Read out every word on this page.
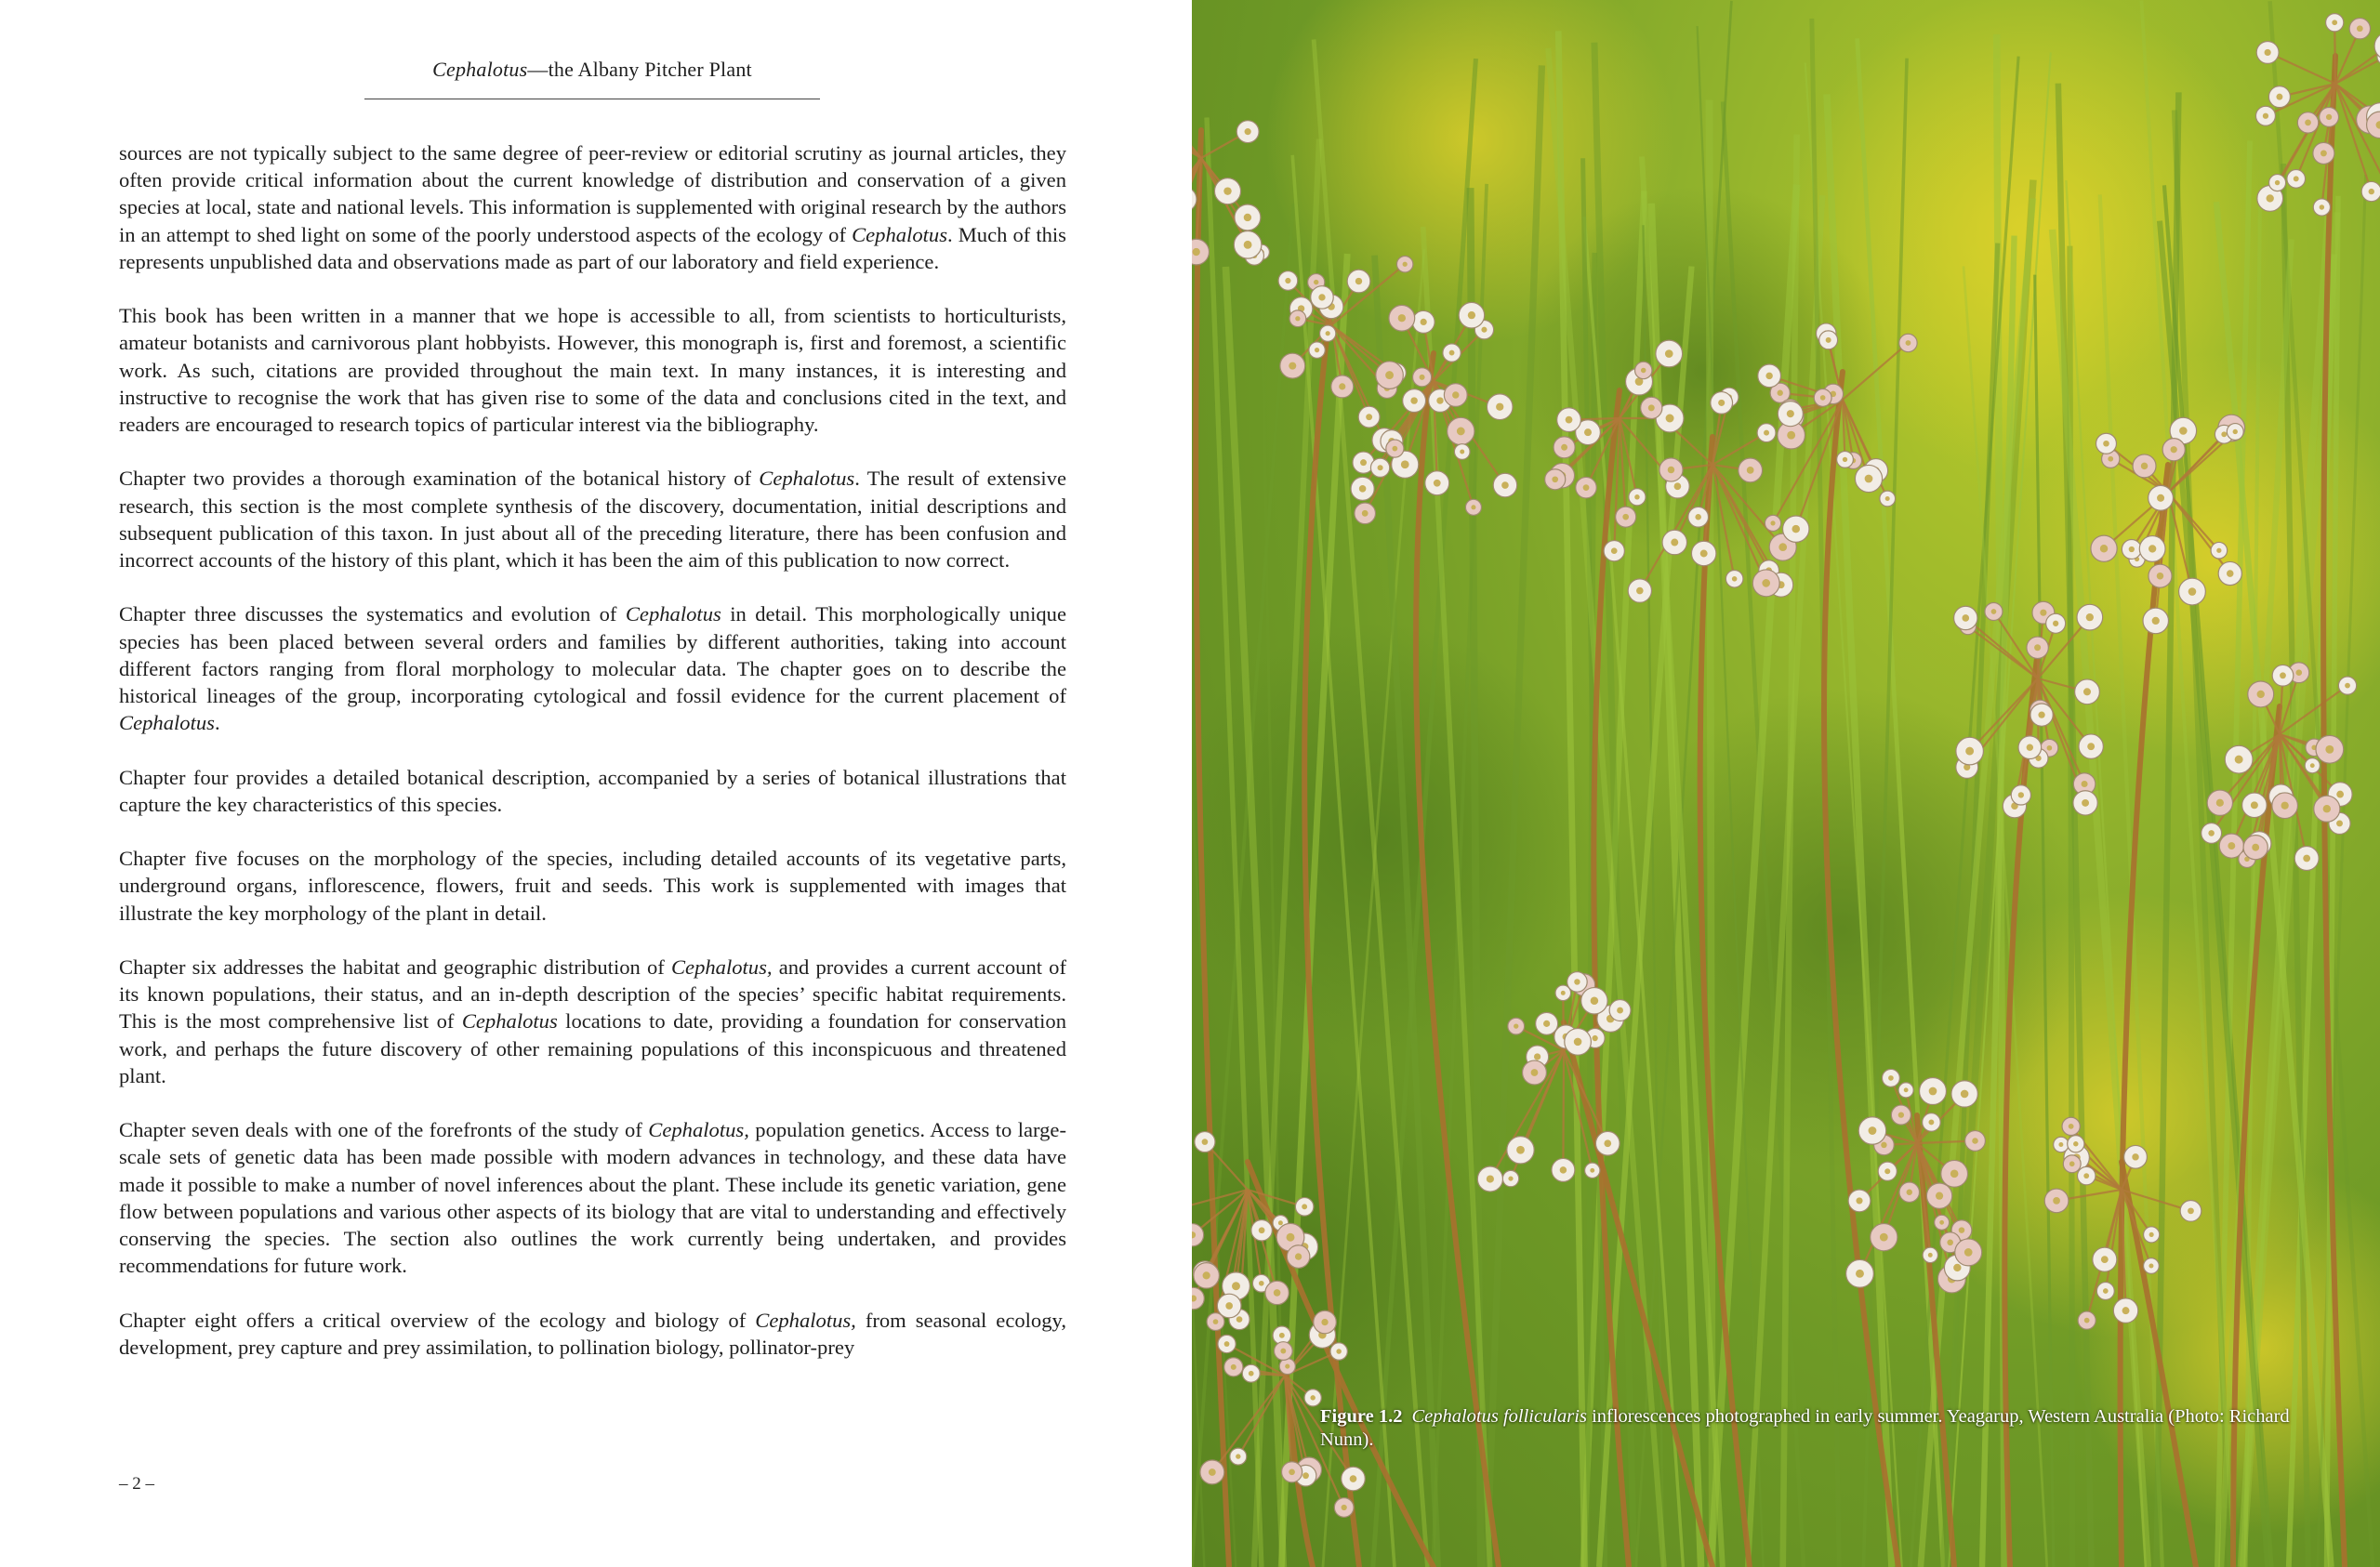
Cephalotus—the Albany Pitcher Plant

sources are not typically subject to the same degree of peer-review or editorial scrutiny as journal articles, they often provide critical information about the current knowledge of distribution and conservation of a given species at local, state and national levels. This information is supplemented with original research by the authors in an attempt to shed light on some of the poorly understood aspects of the ecology of Cephalotus. Much of this represents unpublished data and observations made as part of our laboratory and field experience.

This book has been written in a manner that we hope is accessible to all, from scientists to horticulturists, amateur botanists and carnivorous plant hobbyists. However, this monograph is, first and foremost, a scientific work. As such, citations are provided throughout the main text. In many instances, it is interesting and instructive to recognise the work that has given rise to some of the data and conclusions cited in the text, and readers are encouraged to research topics of particular interest via the bibliography.

Chapter two provides a thorough examination of the botanical history of Cephalotus. The result of extensive research, this section is the most complete synthesis of the discovery, documentation, initial descriptions and subsequent publication of this taxon. In just about all of the preceding literature, there has been confusion and incorrect accounts of the history of this plant, which it has been the aim of this publication to now correct.

Chapter three discusses the systematics and evolution of Cephalotus in detail. This morphologically unique species has been placed between several orders and families by different authorities, taking into account different factors ranging from floral morphology to molecular data. The chapter goes on to describe the historical lineages of the group, incorporating cytological and fossil evidence for the current placement of Cephalotus.

Chapter four provides a detailed botanical description, accompanied by a series of botanical illustrations that capture the key characteristics of this species.

Chapter five focuses on the morphology of the species, including detailed accounts of its vegetative parts, underground organs, inflorescence, flowers, fruit and seeds. This work is supplemented with images that illustrate the key morphology of the plant in detail.

Chapter six addresses the habitat and geographic distribution of Cephalotus, and provides a current account of its known populations, their status, and an in-depth description of the species’ specific habitat requirements. This is the most comprehensive list of Cephalotus locations to date, providing a foundation for conservation work, and perhaps the future discovery of other remaining populations of this inconspicuous and threatened plant.

Chapter seven deals with one of the forefronts of the study of Cephalotus, population genetics. Access to large-scale sets of genetic data has been made possible with modern advances in technology, and these data have made it possible to make a number of novel inferences about the plant. These include its genetic variation, gene flow between populations and various other aspects of its biology that are vital to understanding and effectively conserving the species. The section also outlines the work currently being undertaken, and provides recommendations for future work.

Chapter eight offers a critical overview of the ecology and biology of Cephalotus, from seasonal ecology, development, prey capture and prey assimilation, to pollination biology, pollinator-prey

– 2 –
Figure 1.2 Cephalotus follicularis inflorescences photographed in early summer. Yeagarup, Western Australia (Photo: Richard Nunn).
